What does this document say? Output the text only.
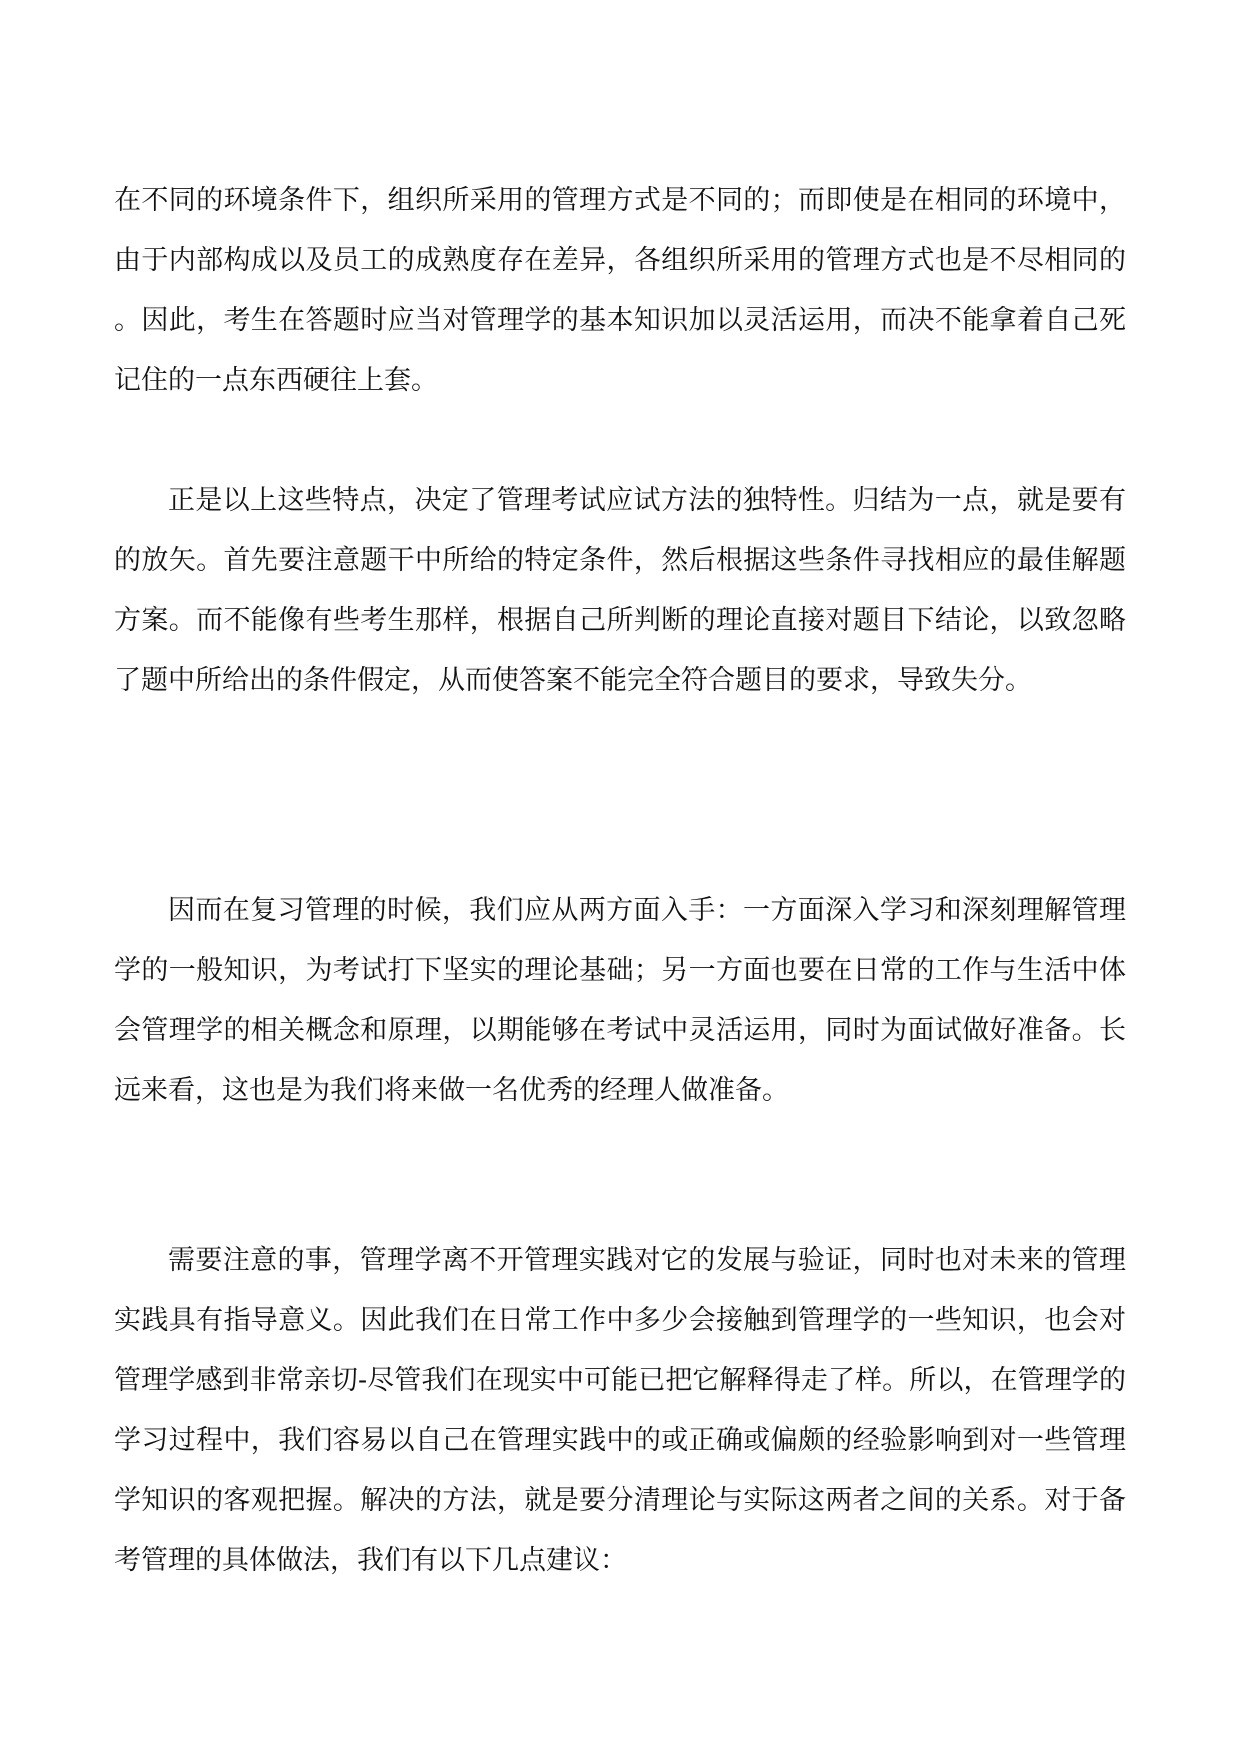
在不同的环境条件下，组织所采用的管理方式是不同的；而即使是在相同的环境中，由于内部构成以及员工的成熟度存在差异，各组织所采用的管理方式也是不尽相同的。因此，考生在答题时应当对管理学的基本知识加以灵活运用，而决不能拿着自己死记住的一点东西硬往上套。

正是以上这些特点，决定了管理考试应试方法的独特性。归结为一点，就是要有的放矢。首先要注意题干中所给的特定条件，然后根据这些条件寻找相应的最佳解题方案。而不能像有些考生那样，根据自己所判断的理论直接对题目下结论，以致忽略了题中所给出的条件假定，从而使答案不能完全符合题目的要求，导致失分。

因而在复习管理的时候，我们应从两方面入手：一方面深入学习和深刻理解管理学的一般知识，为考试打下坚实的理论基础；另一方面也要在日常的工作与生活中体会管理学的相关概念和原理，以期能够在考试中灵活运用，同时为面试做好准备。长远来看，这也是为我们将来做一名优秀的经理人做准备。

需要注意的事，管理学离不开管理实践对它的发展与验证，同时也对未来的管理实践具有指导意义。因此我们在日常工作中多少会接触到管理学的一些知识，也会对管理学感到非常亲切-尽管我们在现实中可能已把它解释得走了样。所以，在管理学的学习过程中，我们容易以自己在管理实践中的或正确或偏颇的经验影响到对一些管理学知识的客观把握。解决的方法，就是要分清理论与实际这两者之间的关系。对于备考管理的具体做法，我们有以下几点建议：
